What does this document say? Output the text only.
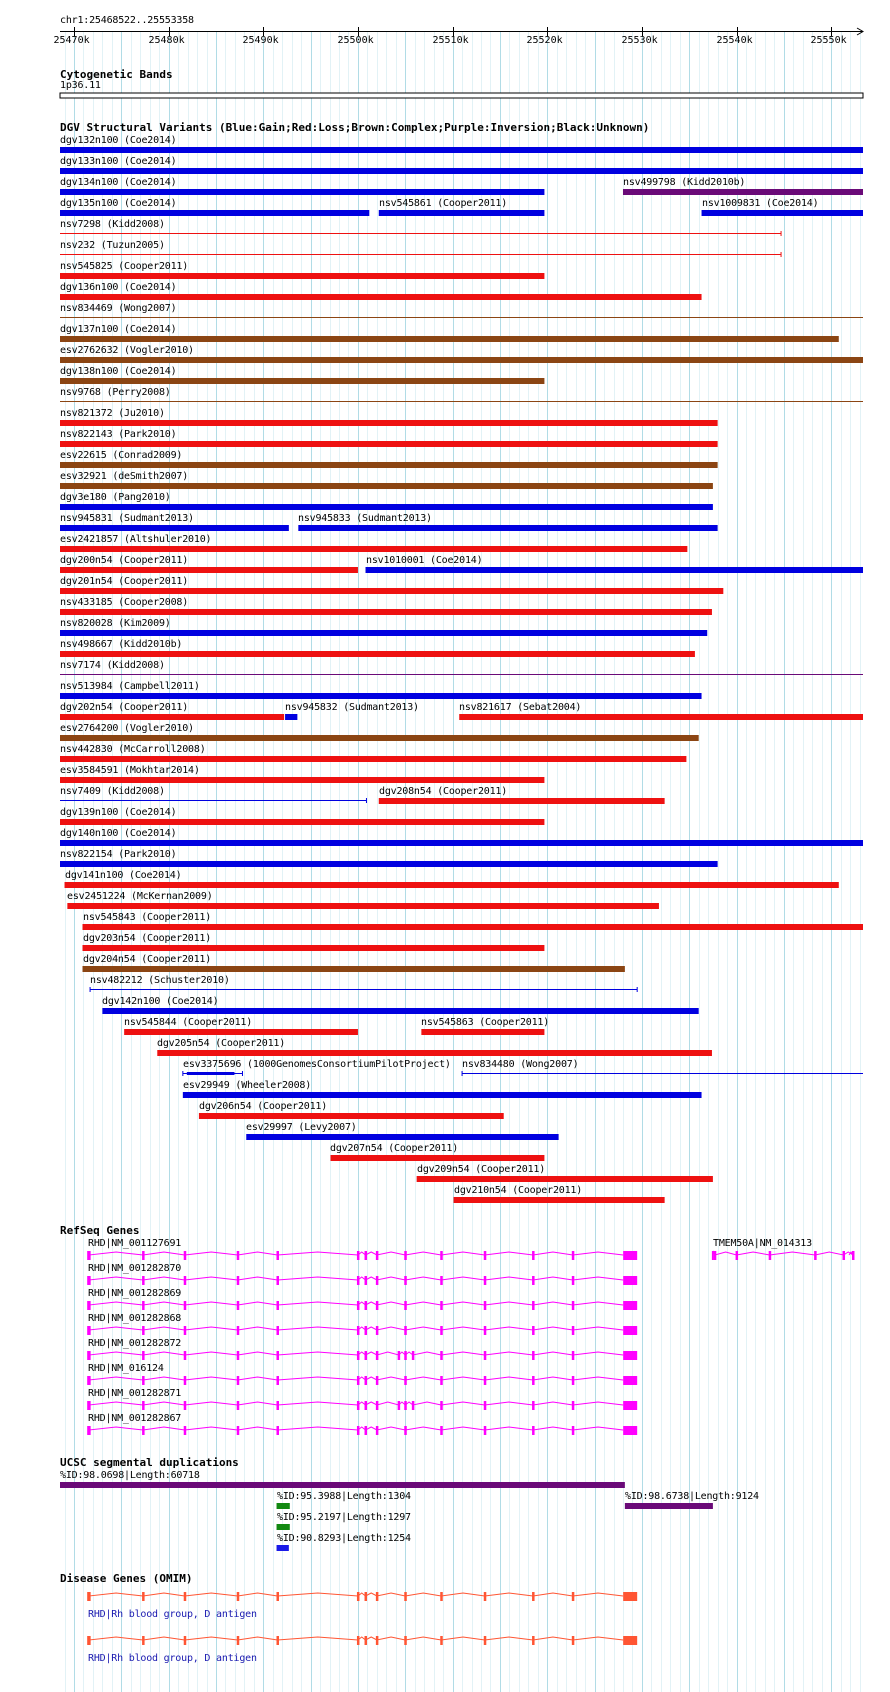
chr1:25468522..25553358
Cytogenetic Bands
1p36.11
DGV Structural Variants (Blue:Gain;Red:Loss;Brown:Complex;Purple:Inversion;Black:Unknown)
RefSeq Genes
UCSC segmental duplications
Disease Genes (OMIM)
25470k	25480k	25490k	25500k	25510k	25520k	25530k	25540k	25550k
dgv132n100 (Coe2014)
dgv133n100 (Coe2014)
dgv134n100 (Coe2014)	nsv499798 (Kidd2010b)
dgv135n100 (Coe2014)	nsv545861 (Cooper2011)	nsv1009831 (Coe2014)
nsv7298 (Kidd2008)
nsv232 (Tuzun2005)
nsv545825 (Cooper2011)
dgv136n100 (Coe2014)
nsv834469 (Wong2007)
dgv137n100 (Coe2014)
esv2762632 (Vogler2010)
dgv138n100 (Coe2014)
nsv9768 (Perry2008)
nsv821372 (Ju2010)
nsv822143 (Park2010)
esv22615 (Conrad2009)
esv32921 (deSmith2007)
dgv3e180 (Pang2010)
nsv945831 (Sudmant2013)	nsv945833 (Sudmant2013)
esv2421857 (Altshuler2010)
dgv200n54 (Cooper2011)	nsv1010001 (Coe2014)
dgv201n54 (Cooper2011)
nsv433185 (Cooper2008)
nsv820028 (Kim2009)
nsv498667 (Kidd2010b)
nsv7174 (Kidd2008)
nsv513984 (Campbell2011)
dgv202n54 (Cooper2011)	nsv945832 (Sudmant2013)	nsv821617 (Sebat2004)
esv2764200 (Vogler2010)
nsv442830 (McCarroll2008)
esv3584591 (Mokhtar2014)
nsv7409 (Kidd2008)	dgv208n54 (Cooper2011)
dgv139n100 (Coe2014)
dgv140n100 (Coe2014)
nsv822154 (Park2010)
dgv141n100 (Coe2014)
esv2451224 (McKernan2009)
nsv545843 (Cooper2011)
dgv203n54 (Cooper2011)
dgv204n54 (Cooper2011)
nsv482212 (Schuster2010)
dgv142n100 (Coe2014)
nsv545844 (Cooper2011)	nsv545863 (Cooper2011)
dgv205n54 (Cooper2011)
esv3375696 (1000GenomesConsortiumPilotProject) nsv834480 (Wong2007)
esv29949 (Wheeler2008)
dgv206n54 (Cooper2011)
esv29997 (Levy2007)
dgv207n54 (Cooper2011)
dgv209n54 (Cooper2011)
dgv210n54 (Cooper2011)
RHD|NM_001127691	TMEM50A|NM_014313
RHD|NM_001282870
RHD|NM_001282869
RHD|NM_001282868
RHD|NM_001282872
RHD|NM_016124
RHD|NM_001282871
RHD|NM_001282867
%ID:98.0698|Length:60718
%ID:98.6738|Length:9124
%ID:95.3988|Length:1304
%ID:95.2197|Length:1297
%ID:90.8293|Length:1254
RHD|Rh blood group, D antigen
RHD|Rh blood group, D antigen
